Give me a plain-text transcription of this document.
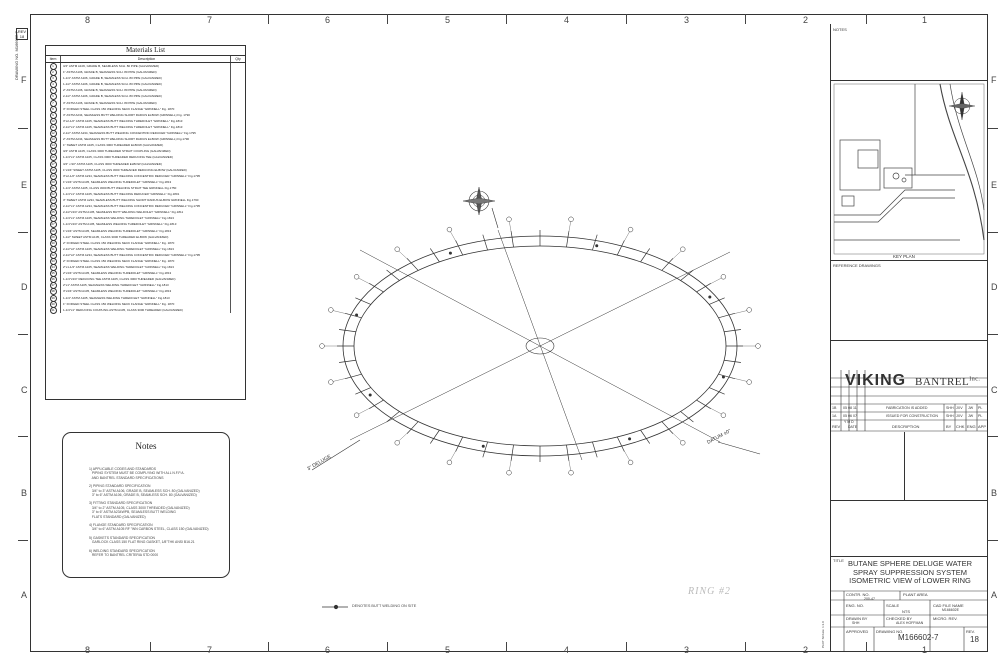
8
8
7
7
6
6
5
5
4
4
3
3
2
2
1
1
F	F
E	E
D	D
C	C
B	B
A	A
DRAWING NO. M166602-7
REV 18
Materials List
Item	Description	Qty
1	3/4" ASTM A106, GRADE B, SEAMLESS SCH. 80 PIPE (GALVANIZED)
2	1" ASTM A106, GRADE B, SEAMLESS SCH. 80 PIPE (GALVANIZED)
3	1-1/4" ASTM A106, GRADE B, SEAMLESS SCH. 80 PIPE (GALVANIZED)
4	1-1/2" ASTM A106, GRADE B, SEAMLESS SCH. 80 PIPE (GALVANIZED)
5	2" ASTM A106, GRADE B, SEAMLESS SCH. 80 PIPE (GALVANIZED)
6	2-1/2" ASTM A106, GRADE B, SEAMLESS SCH. 80 PIPE (GALVANIZED)
7	3" ASTM A106, GRADE B, SEAMLESS SCH. 80 PIPE (GALVANIZED)
8	3" FORGED STEEL CLASS 150 WELDING NECK FLANGE "GRINNELL" Fig. 1870
9	3" ASTM A234, SEAMLESS BUTT WELDING SHORT RADIUS ELBOW (GRINNELL) Fig. 1790
10	3"x2-1/2" ASTM A105, SEAMLESS BUTT WELDING THREDOLET "GRINNELL" Fig.1813
11	2-1/2"x1" ASTM A105, SEAMLESS BUTT WELDING THREDOLET "GRINNELL" Fig.1813
12	2-1/2" ASTM A234, SEAMLESS BUTT WELDING CONCENTRIC REDUCER "GRINNELL" Fig.1795
13	2" ASTM A234, SEAMLESS BUTT WELDING SHORT RADIUS ELBOW (GRINNELL) Fig.1790
14	1" SWEET ASTM A105, CLASS 3000 THREADED ELBOW (GALVANIZED)
15	3/4" ASTM A105, CLASS 3000 THREADED STRAIT COUPLING (GALVANIZED)
16	1-1/4"x1" ASTM A105, CLASS 3000 THREADED REDUCING TEE (GALVANIZED)
17	3/4" x 90° ASTM A105, CLASS 3000 THREADED ELBOW (GALVANIZED)
18	1"x3/4" SWEET ASTM A105, CLASS 3000 THREADED REDUCING ELBOW (GALVANIZED)
19	3"x2-1/2" ASTM A234, SEAMLESS BUTT WELDING CONCENTRIC REDUCER "GRINNELL" Fig.1795
20	1"x3/4" ASTM A105, SEAMLESS WELDING THREDOLET "GRINNELL" Fig.1813
21	1-1/4" ASTM A105, CLASS 3000 BUTT WELDING STRAIT TEE GRINNELL Fig.1750
22	1-1/4"x1" ASTM A105, SEAMLESS BUTT WELDING REDUCER "GRINNELL" Fig.1801
23	3" SWEET ASTM A234, SEAMLESS BUTT WELDING SHORT RADIUS ELBOW GRINNELL Fig.1790
24	2-1/2"x1" ASTM A234, SEAMLESS BUTT WELDING CONCENTRIC REDUCER "GRINNELL" Fig.1795
25	2-1/2"x3/4" ASTM A105, SEAMLESS BUTT WELDING WELDOLET "GRINNELL" Fig.1811
26	1-1/4"x1" ASTM A105, SEAMLESS WELDING THREDOLET "GRINNELL" Fig.1813
27	1-1/4"x3/4" ASTM A105, SEAMLESS WELDING THREDOLET "GRINNELL" Fig.1813
28	1"x3/4" ASTM A105, SEAMLESS WELDING THREDOLET "GRINNELL" Fig.1813
29	1-1/2" SWEET ASTM A105, CLASS 3000 THREADED ELBOW (GALVANIZED)
30	2" FORGED STEEL CLASS 150 WELDING NECK FLANGE "GRINNELL" Fig. 1870
31	2-1/2"x2" ASTM A105, SEAMLESS WELDING THREDOLET "GRINNELL" Fig.1813
32	2-1/2"x2" ASTM A234, SEAMLESS BUTT WELDING CONCENTRIC REDUCER "GRINNELL" Fig.1795
33	2" FORGED STEEL CLASS 150 WELDING NECK FLANGE "GRINNELL" Fig. 1870
34	2"x1-1/4" ASTM A105, SEAMLESS WELDING THREDOLET "GRINNELL" Fig.1813
35	2"x3/4" ASTM A105, SEAMLESS WELDING THREDOLET "GRINNELL" Fig.1813
36	1-1/4"x3/4" REDUCING TEE ASTM A105, CLASS 3000 THREADED (GALVANIZED)
37	2"x1" ASTM A105, SEAMLESS WELDING THREDOLET "GRINNELL" Fig.1813
38	3"x3/4" ASTM A105, SEAMLESS WELDING THREDOLET "GRINNELL" Fig.1813
39	1-1/4" ASTM A105, SEAMLESS WELDING THREDOLET "GRINNELL" Fig.1813
40	1" FORGED STEEL CLASS 150 WELDING NECK FLANGE "GRINNELL" Fig. 1870
41	1-1/4"x1" REDUCING COUPLING ASTM A105, CLASS 3000 THREADED (GALVANIZED)
Notes
1) APPLICABLE CODES AND STANDARDS
PIPING SYSTEM MUST BE COMPLYING WITH ALL N.F.P.A.
AND BANTREL STANDARD SPECIFICATIONS
2) PIPING STANDARD SPECIFICATION
3/4" to 3" ASTM A106, GRADE B, SEAMLESS SCH. 80 (GALVANIZED)
3" to 6" ASTM A106, GRADE B, SEAMLESS SCH. 80 (GALVANIZED)
3) FITTING STANDARD SPECIFICATION
3/4" to 2" ASTM A105, CLASS 3000 THREADED (GALVANIZED)
3" to 6" ASTM A234WPB, SEAMLESS BUTT WELDING
FLATS STANDARD (GALVANIZED)
4) FLANGE STANDARD SPECIFICATION
3/4" to 6" ASTM A105 RF "WN CARBON STEEL, CLASS 150 (GALVANIZED)
5) GASKETS STANDARD SPECIFICATION
GARLOCK CLASS 150 FLAT RING GASKET, 1/8"THK ANSI B16.21
6) WELDING STANDARD SPECIFICATION
REFER TO BANTREL CRITERIA STD 0000
DENOTES BUTT WELDING ON SITE
RING #2
DATUM ±0"
3" DELUGE
NOTES
KEY PLAN
REFERENCE DRAWINGS
VIKING $BANTREL^{Inc.}$
1B 05 08 11	FABRICATION IS ADDED	SHH JXV JW PL
1A 05 06 07	ISSUED FOR CONSTRUCTION SHH JXV JW PL
REV
Y M D
DATE	DESCRIPTION	BY CHK ENG APP
TITLE BUTANE SPHERE DELUGE WATER
SPRAY SUPPRESSION SYSTEM
ISOMETRIC VIEW of LOWER RING
PLOT SCALE: 1:1.0
CONTR. NO.
200-47
PLANT AREA
ENG. NO.	SCALE
NTS
CAD FILE NAME
M166602E
DRAWN BY
SHH
CHECKED BY
ALEX HOFFMAN
MICRO. REV.
APPROVED DRAWING NO.
M166602-7
REV.
18
